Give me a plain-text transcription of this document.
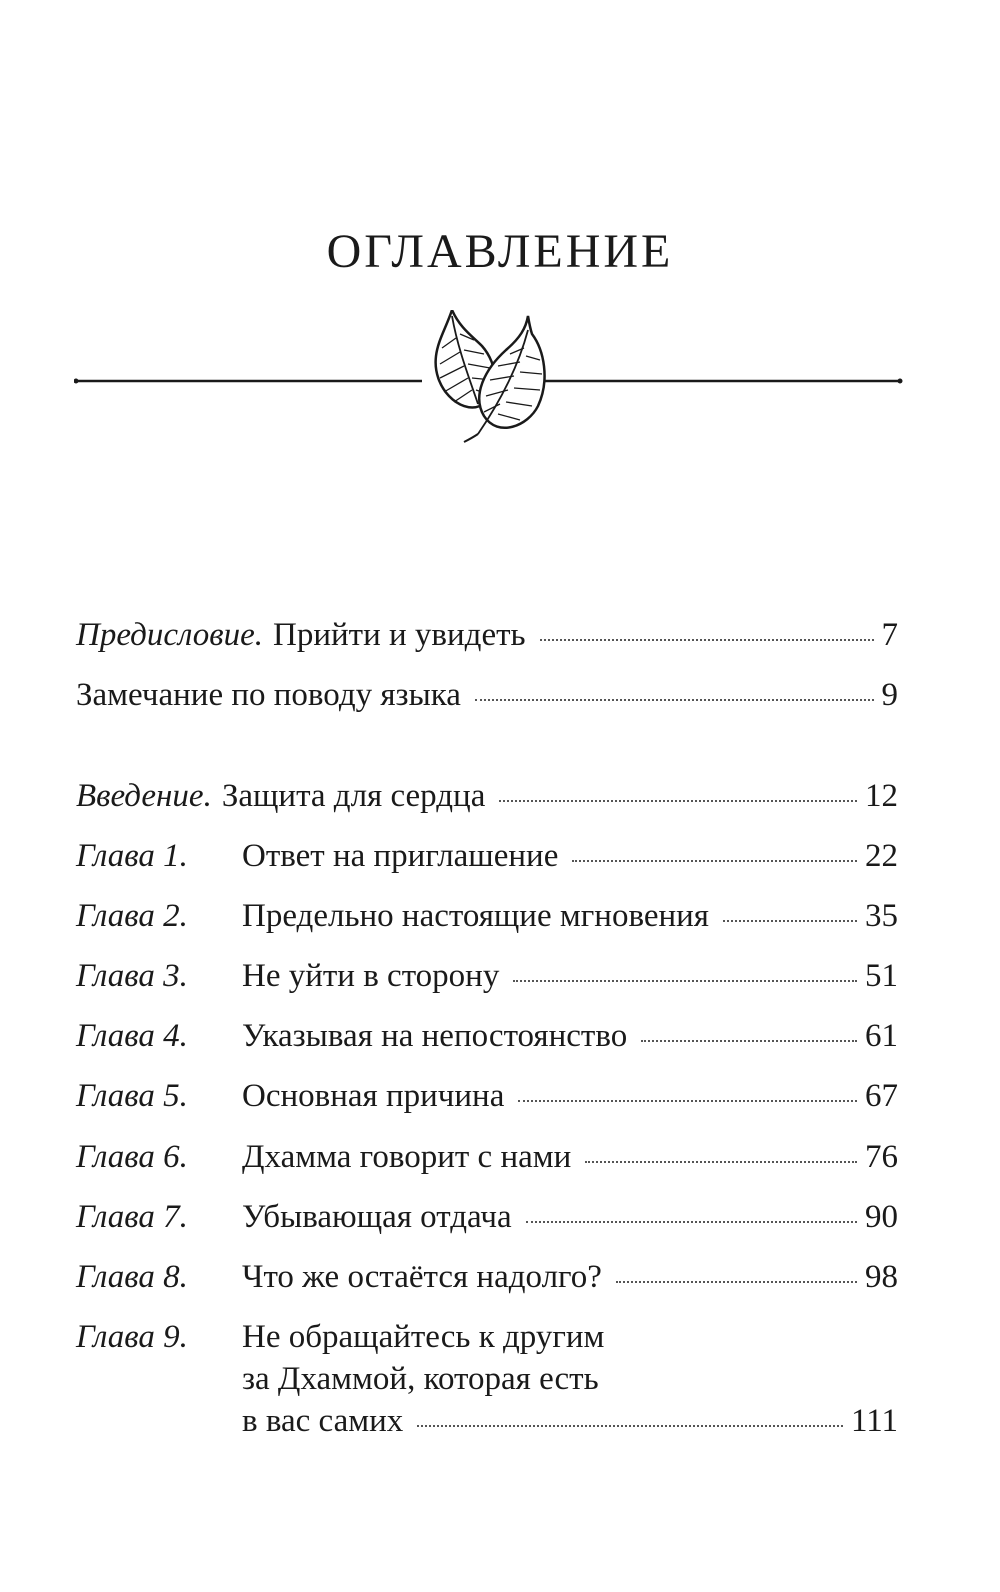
ОГЛАВЛЕНИЕ
Предисловие. Прийти и увидеть	7
Замечание по поводу языка	9
Введение. Защита для сердца	12
Глава 1.	Ответ на приглашение	22
Глава 2.	Предельно настоящие мгновения	35
Глава 3.	Не уйти в сторону	51
Глава 4.	Указывая на непостоянство	61
Глава 5.	Основная причина	67
Глава 6.	Дхамма говорит с нами	76
Глава 7.	Убывающая отдача	90
Глава 8.	Что же остаётся надолго?	98
Глава 9.	Не обращайтесь к другим
за Дхаммой, которая есть
в вас самих	111
